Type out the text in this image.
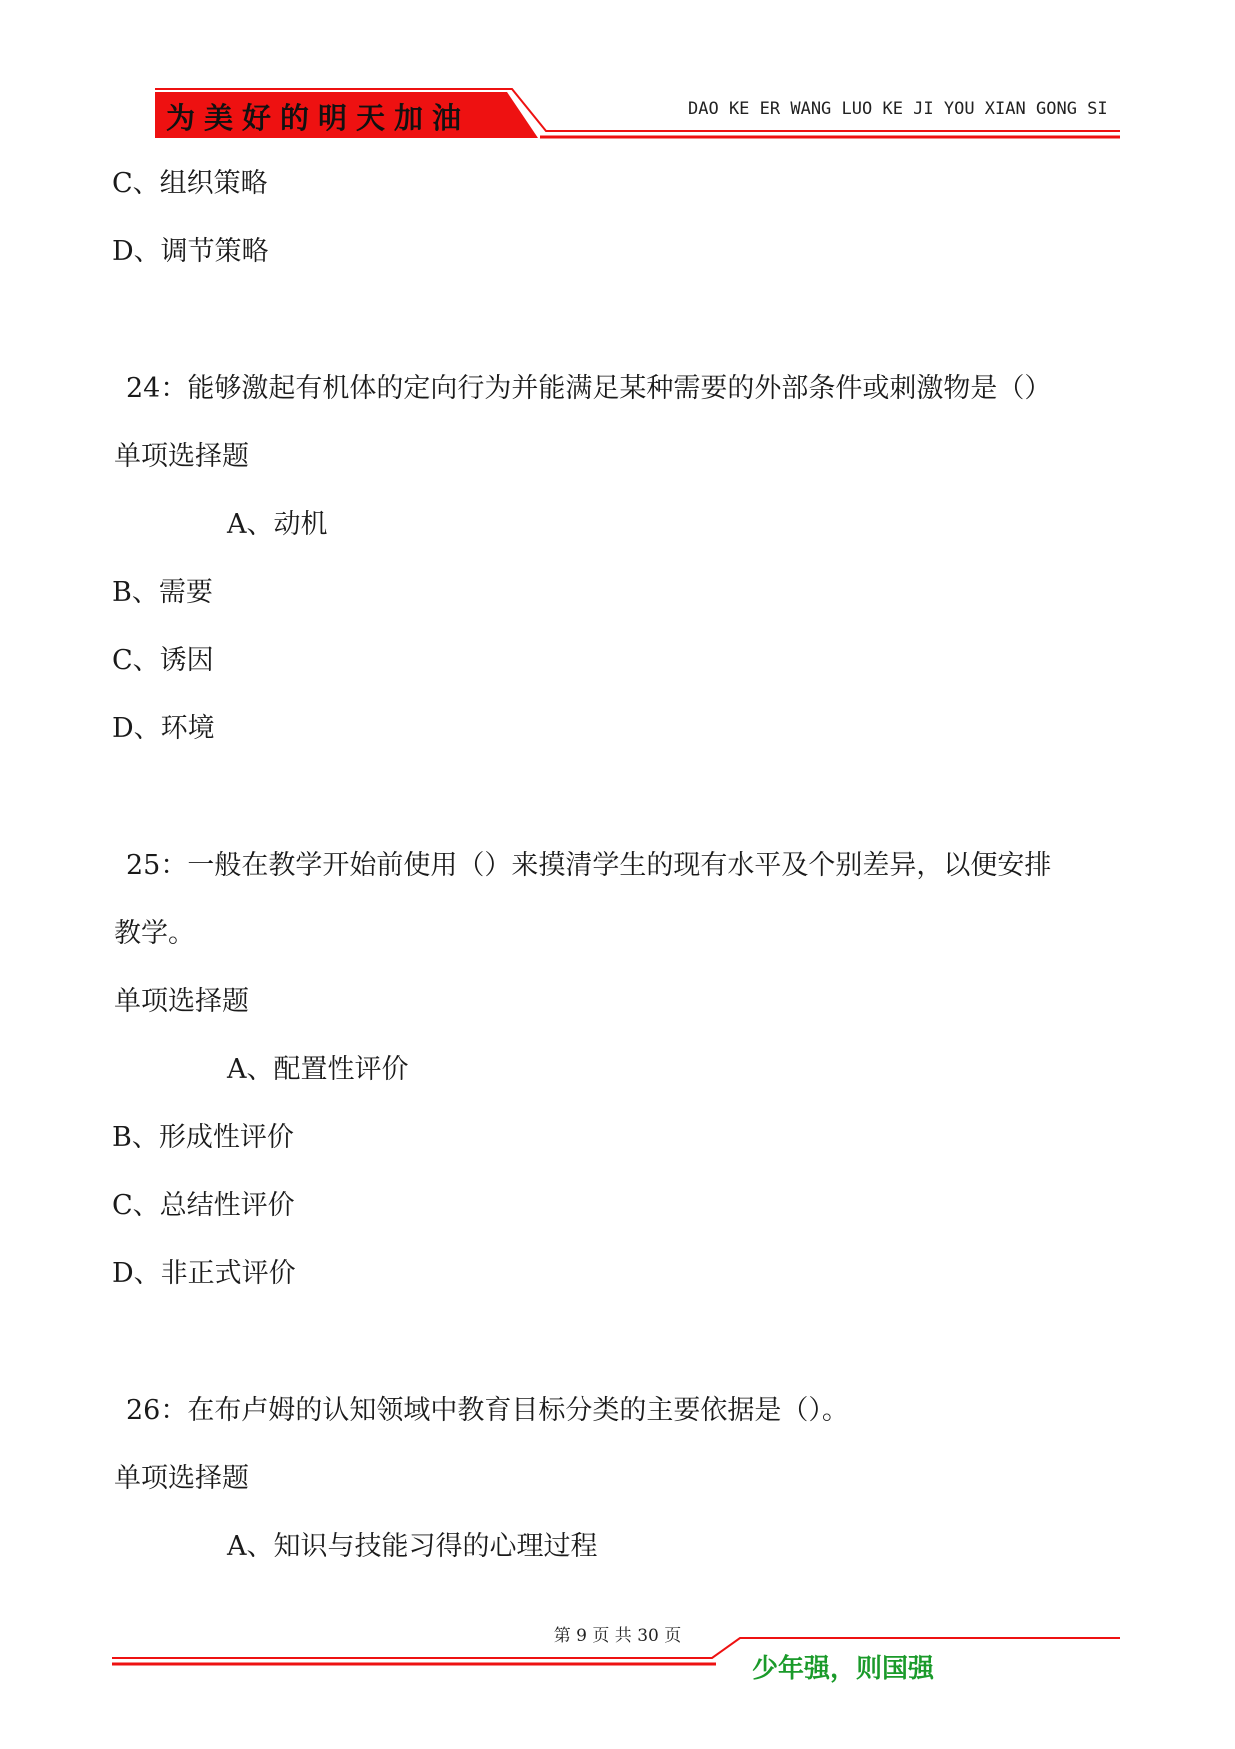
为美好的明天加油	DAO KE ER WANG LUO KE JI YOU XIAN GONG SI
C、组织策略
D、调节策略
24：能够激起有机体的定向行为并能满足某种需要的外部条件或刺激物是（）
单项选择题
A、动机
B、需要
C、诱因
D、环境
25：一般在教学开始前使用（）来摸清学生的现有水平及个别差异，以便安排
教学。
单项选择题
A、配置性评价
B、形成性评价
C、总结性评价
D、非正式评价
26：在布卢姆的认知领域中教育目标分类的主要依据是（）。
单项选择题
A、知识与技能习得的心理过程
第 9 页 共 30 页
少年强，则国强
